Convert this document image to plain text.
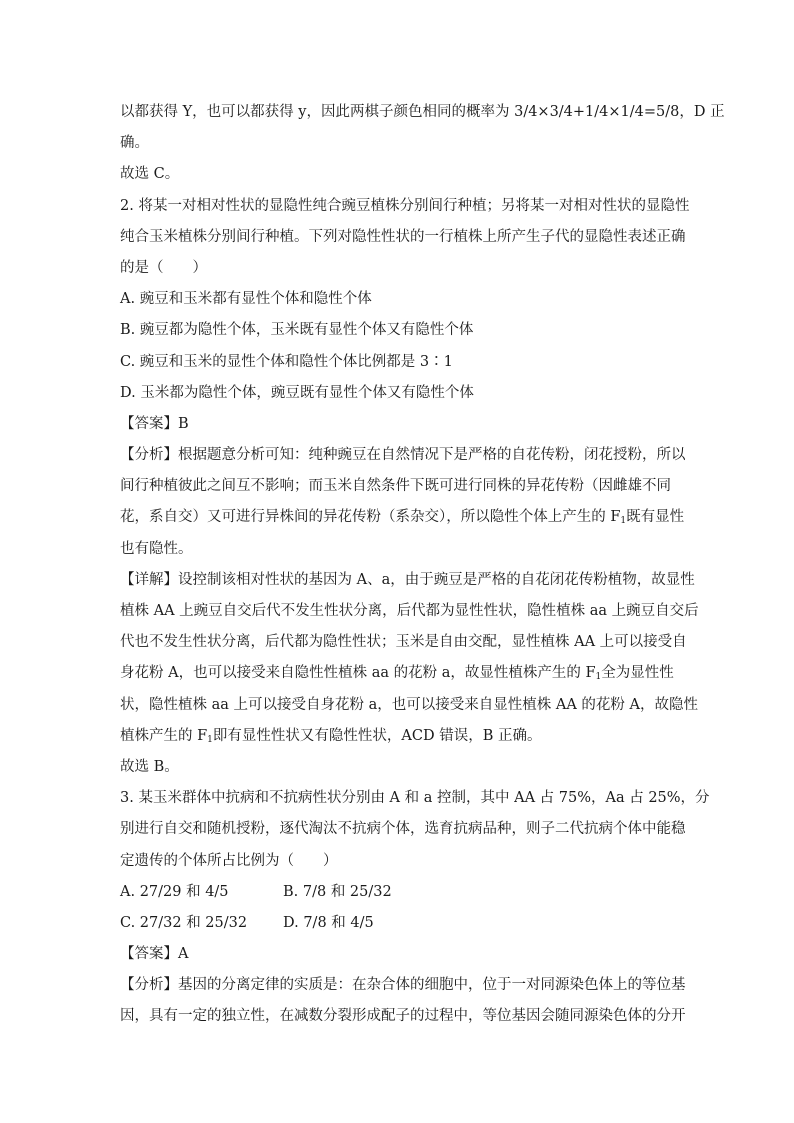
以都获得 Y，也可以都获得 y，因此两棋子颜色相同的概率为 3/4×3/4+1/4×1/4=5/8，D 正
确。
故选 C。
2. 将某一对相对性状的显隐性纯合豌豆植株分别间行种植；另将某一对相对性状的显隐性
纯合玉米植株分别间行种植。下列对隐性性状的一行植株上所产生子代的显隐性表述正确
的是（　　）
A. 豌豆和玉米都有显性个体和隐性个体
B. 豌豆都为隐性个体，玉米既有显性个体又有隐性个体
C. 豌豆和玉米的显性个体和隐性个体比例都是 3∶1
D. 玉米都为隐性个体，豌豆既有显性个体又有隐性个体
【答案】B
【分析】根据题意分析可知：纯种豌豆在自然情况下是严格的自花传粉，闭花授粉，所以
间行种植彼此之间互不影响；而玉米自然条件下既可进行同株的异花传粉（因雌雄不同
花，系自交）又可进行异株间的异花传粉（系杂交），所以隐性个体上产生的 $F_1$既有显性
也有隐性。
【详解】设控制该相对性状的基因为 A、a，由于豌豆是严格的自花闭花传粉植物，故显性
植株 AA 上豌豆自交后代不发生性状分离，后代都为显性性状，隐性植株 aa 上豌豆自交后
代也不发生性状分离，后代都为隐性性状；玉米是自由交配，显性植株 AA 上可以接受自
身花粉 A，也可以接受来自隐性性植株 aa 的花粉 a，故显性植株产生的 $F_1$全为显性性
状，隐性植株 aa 上可以接受自身花粉 a，也可以接受来自显性植株 AA 的花粉 A，故隐性
植株产生的 $F_1$即有显性性状又有隐性性状，ACD 错误，B 正确。
故选 B。
3. 某玉米群体中抗病和不抗病性状分别由 A 和 a 控制，其中 AA 占 75%，Aa 占 25%，分
别进行自交和随机授粉，逐代淘汰不抗病个体，选育抗病品种，则子二代抗病个体中能稳
定遗传的个体所占比例为（　　）
A. 27/29 和 4/5	B. 7/8 和 25/32
C. 27/32 和 25/32	D. 7/8 和 4/5
【答案】A
【分析】基因的分离定律的实质是：在杂合体的细胞中，位于一对同源染色体上的等位基
因，具有一定的独立性，在减数分裂形成配子的过程中，等位基因会随同源染色体的分开
